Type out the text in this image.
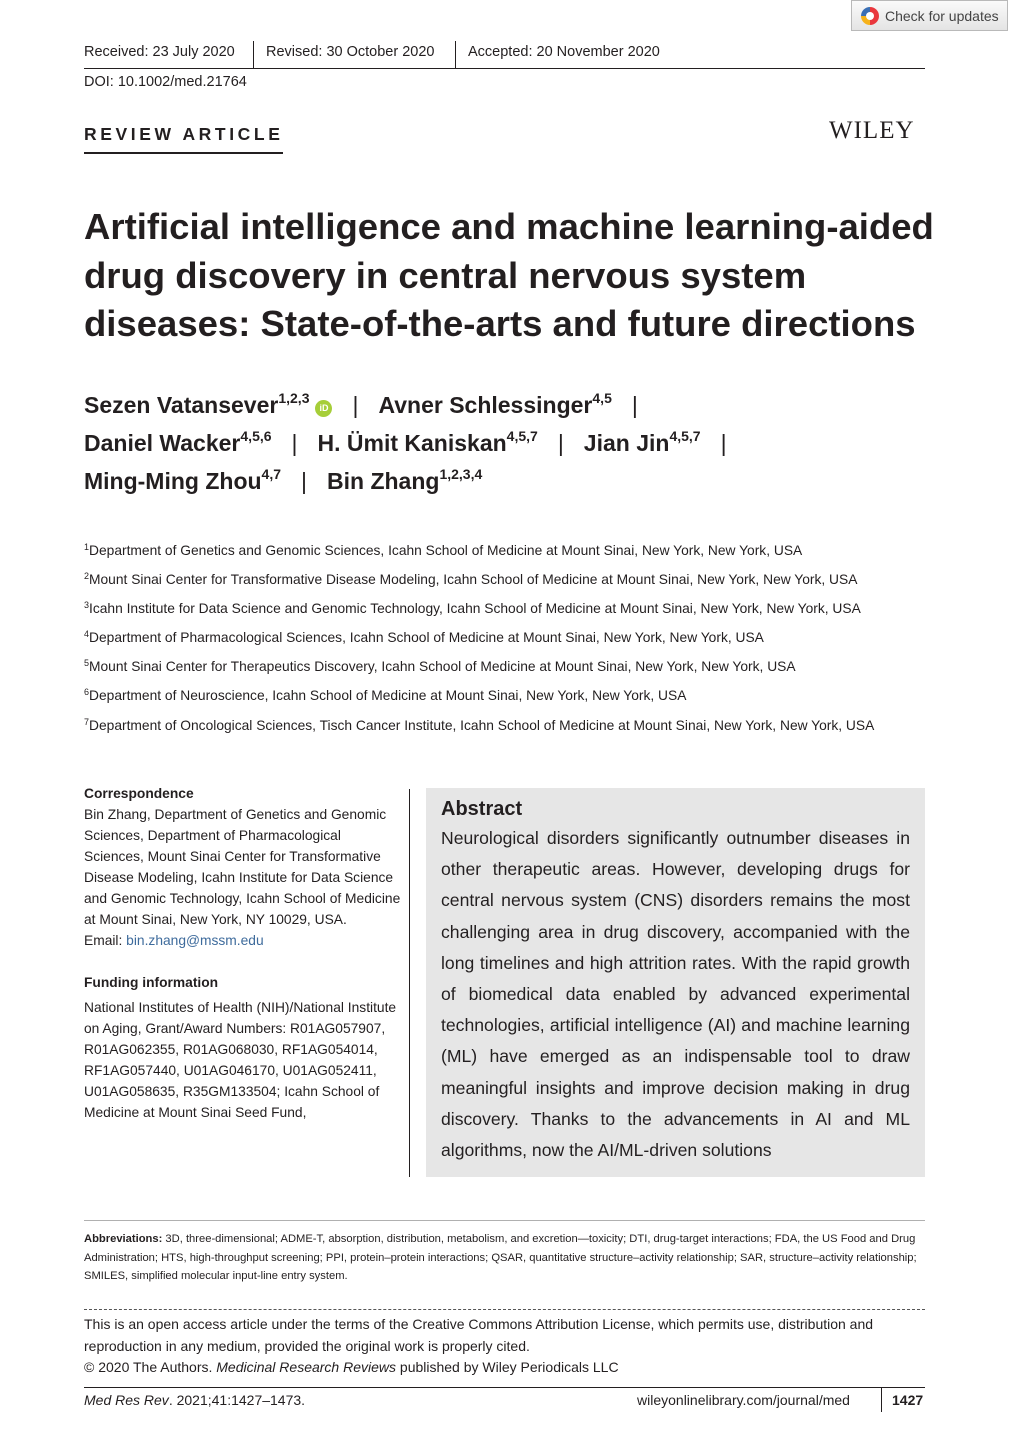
Check for updates
Received: 23 July 2020 Revised: 30 October 2020 Accepted: 20 November 2020
DOI: 10.1002/med.21764
REVIEW ARTICLE	WILEY
Artificial intelligence and machine learning-aided drug discovery in central nervous system diseases: State-of-the-arts and future directions
Sezen Vatansever$^{1,2,3}$iD | Avner Schlessinger$^{4,5}$ |
Daniel Wacker$^{4,5,6}$ | H. Ümit Kaniskan$^{4,5,7}$ | Jian Jin$^{4,5,7}$ |
Ming-Ming Zhou$^{4,7}$ | Bin Zhang$^{1,2,3,4}$
$^1$Department of Genetics and Genomic Sciences, Icahn School of Medicine at Mount Sinai, New York, New York, USA
$^2$Mount Sinai Center for Transformative Disease Modeling, Icahn School of Medicine at Mount Sinai, New York, New York, USA
$^3$Icahn Institute for Data Science and Genomic Technology, Icahn School of Medicine at Mount Sinai, New York, New York, USA
$^4$Department of Pharmacological Sciences, Icahn School of Medicine at Mount Sinai, New York, New York, USA
$^5$Mount Sinai Center for Therapeutics Discovery, Icahn School of Medicine at Mount Sinai, New York, New York, USA
$^6$Department of Neuroscience, Icahn School of Medicine at Mount Sinai, New York, New York, USA
$^7$Department of Oncological Sciences, Tisch Cancer Institute, Icahn School of Medicine at Mount Sinai, New York, New York, USA
Correspondence
Bin Zhang, Department of Genetics and Genomic Sciences, Department of Pharmacological Sciences, Mount Sinai Center for Transformative Disease Modeling, Icahn Institute for Data Science and Genomic Technology, Icahn School of Medicine at Mount Sinai, New York, NY 10029, USA.
Email: bin.zhang@mssm.edu
Funding information
National Institutes of Health (NIH)/National Institute on Aging, Grant/Award Numbers: R01AG057907, R01AG062355, R01AG068030, RF1AG054014, RF1AG057440, U01AG046170, U01AG052411, U01AG058635, R35GM133504; Icahn School of Medicine at Mount Sinai Seed Fund,
Abstract

Neurological disorders significantly outnumber diseases in other therapeutic areas. However, developing drugs for central nervous system (CNS) disorders remains the most challenging area in drug discovery, accompanied with the long timelines and high attrition rates. With the rapid growth of biomedical data enabled by advanced experimental technologies, artificial intelligence (AI) and machine learning (ML) have emerged as an indispensable tool to draw meaningful insights and improve decision making in drug discovery. Thanks to the advancements in AI and ML algorithms, now the AI/ML-driven solutions

Abbreviations: 3D, three-dimensional; ADME-T, absorption, distribution, metabolism, and excretion—toxicity; DTI, drug-target interactions; FDA, the US Food and Drug Administration; HTS, high-throughput screening; PPI, protein–protein interactions; QSAR, quantitative structure–activity relationship; SAR, structure–activity relationship; SMILES, simplified molecular input-line entry system.
This is an open access article under the terms of the Creative Commons Attribution License, which permits use, distribution and reproduction in any medium, provided the original work is properly cited.
© 2020 The Authors. Medicinal Research Reviews published by Wiley Periodicals LLC
Med Res Rev. 2021;41:1427–1473.	wileyonlinelibrary.com/journal/med	1427
